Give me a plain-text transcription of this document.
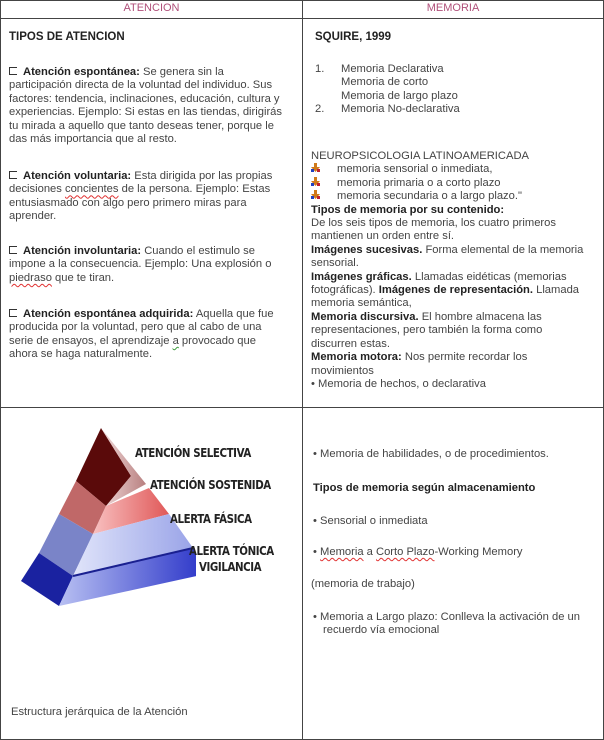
ATENCION	MEMORIA
TIPOS DE ATENCION
Atención espontánea: Se genera sin la
participación directa de la voluntad del individuo. Sus
factores: tendencia, inclinaciones, educación, cultura y
experiencias. Ejemplo: Si estas en las tiendas, dirigirás
tu mirada a aquello que tanto deseas tener, porque le
das más importancia que al resto.
Atención voluntaria: Esta dirigida por las propias
decisiones concientes de la persona. Ejemplo: Estas
entusiasmado con algo pero primero miras para
aprender.
Atención involuntaria: Cuando el estimulo se
impone a la consecuencia. Ejemplo: Una explosión o
piedraso que te tiran.
Atención espontánea adquirida: Aquella que fue
producida por la voluntad, pero que al cabo de una
serie de ensayos, el aprendizaje a provocado que
ahora se haga naturalmente.
SQUIRE, 1999
1. Memoria Declarativa
Memoria de corto
Memoria de largo plazo
2. Memoria No-declarativa
NEUROPSICOLOGIA LATINOAMERICADA
memoria sensorial o inmediata,
memoria primaria o a corto plazo
memoria secundaria o a largo plazo."
Tipos de memoria por su contenido:
De los seis tipos de memoria, los cuatro primeros
mantienen un orden entre sí.
Imágenes sucesivas. Forma elemental de la memoria
sensorial.
Imágenes gráficas. Llamadas eidéticas (memorias
fotográficas). Imágenes de representación. Llamada
memoria semántica,
Memoria discursiva. El hombre almacena las
representaciones, pero también la forma como
discurren estas.
Memoria motora: Nos permite recordar los
movimientos
• Memoria de hechos, o declarativa
ATENCIÓN SELECTIVA
ATENCIÓN SOSTENIDA
ALERTA FÁSICA
ALERTA TÓNICA
VIGILANCIA
Estructura jerárquica de la Atención
• Memoria de habilidades, o de procedimientos.
Tipos de memoria según almacenamiento
• Sensorial o inmediata
• Memoria a Corto Plazo-Working Memory
(memoria de trabajo)
• Memoria a Largo plazo: Conlleva la activación de un
recuerdo vía emocional
